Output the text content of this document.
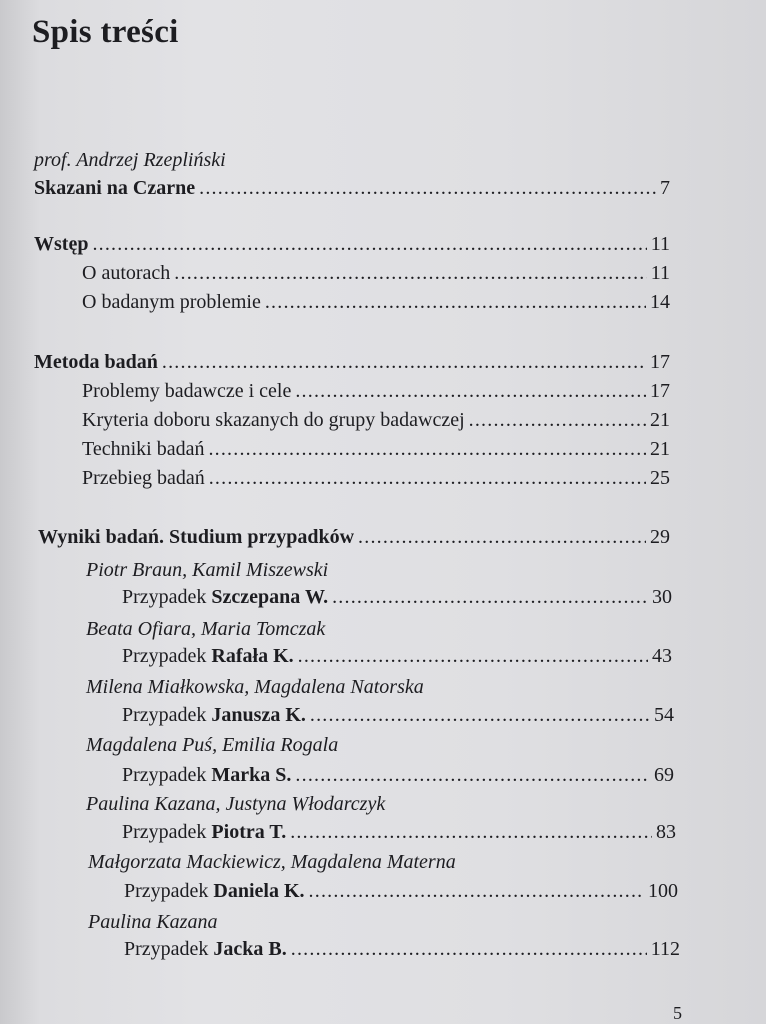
Spis treści
prof. Andrzej Rzepliński
Skazani na Czarne .....	7
Wstęp .....	11
O autorach .....	11
O badanym problemie .....	14
Metoda badań .....	17
Problemy badawcze i cele .....	17
Kryteria doboru skazanych do grupy badawczej .....	21
Techniki badań .....	21
Przebieg badań .....	25
Wyniki badań. Studium przypadków .....	29
Piotr Braun, Kamil Miszewski
Przypadek Szczepana W. .....	30
Beata Ofiara, Maria Tomczak
Przypadek Rafała K. .....	43
Milena Miałkowska, Magdalena Natorska
Przypadek Janusza K. .....	54
Magdalena Puś, Emilia Rogala
Przypadek Marka S. .....	69
Paulina Kazana, Justyna Włodarczyk
Przypadek Piotra T. .....	83
Małgorzata Mackiewicz, Magdalena Materna
Przypadek Daniela K. .....	100
Paulina Kazana
Przypadek Jacka B. .....	112
5
